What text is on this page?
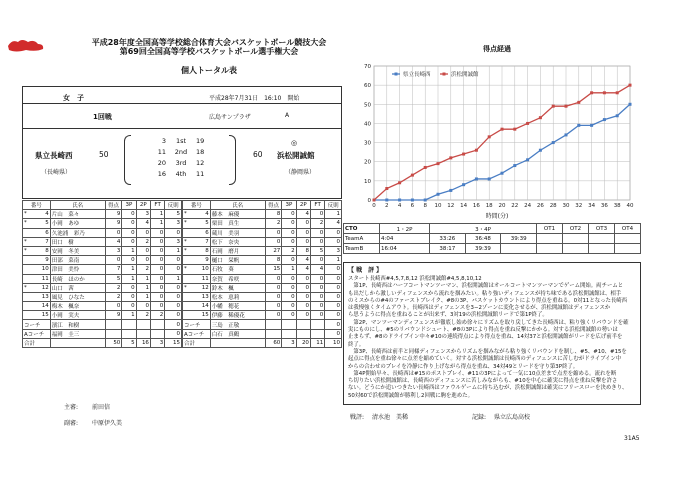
平成28年度全国高等学校総合体育大会バスケットボール競技大会
第69回全国高等学校バスケットボール選手権大会
個人トータル表
女　子	平成28年7月31日　16:10　開始
1回戦	広島サンプラザ	A
県立長崎西
（長崎県）
50
3	1st	19
11	2nd	18
20	3rd	12
16	4th	11
60
◎
浜松開誠館
（静岡県）
番号	氏名	得点	3P	2P	FT	反則
* 4	片山　菜々	9	0	3	1	5
* 5	小岡　あゆ	9	0	4	1	3

6	久池浦　彩乃	0	0	0	0	0
* 7	田口　樹	4	0	2	0	3
* 8	安岡　冬美	3	1	0	0	1

9	田部　菜南	0	0	0	0	0

10	津田　美怜	7	1	2	0	0

11	長崎　ほのか	5	1	1	0	1
* 12	山口　茜	2	0	1	0	0

13	風見　ひなた	2	0	1	0	0

14	梅木　楓奈	0	0	0	0	0

15	小岡　実夫	9	1	2	2	0
コーチ	濱江　和樹					0
Aコーチ	福岡　圭三					0
合計		50	5	16	3	15
番号	氏名	得点	3P	2P	FT	反則
* 4	藤本　麻優	8	0	4	0	1
* 5	栗田　真生	2	0	0	2	4

6	蔵川　美羽	0	0	0	0	0
* 7	松下　奈央	0	0	0	0	0
* 8	石岡　磨月	27	2	8	5	3

9	樋口　栞帆	8	0	4	0	1
* 10	石牧　葵	15	1	4	4	0

11	奈賀　希咲	0	0	0	0	0
* 12	鈴木　楓	0	0	0	0	0

13	松本　恵莉	0	0	0	0	0

14	小幡　穂花	0	0	0	0	0

15	伊藤　稀優花	0	0	0	0	0
コーチ	三島　正敬					0
Aコーチ	白石　真鶴					0
合計		60	3	20	11	10
主審: 前田信
副審: 中原伊久美
得点経過
0
10
20
30
40
50
60
70
0 2 4 6 8 10 12 14 16 18 20 22 24 26 28 30 32 34 36 38 40
県立長崎西	浜松開誠館
時間(分)
CTO	1・2P	3・4P			OT1	OT2	OT3	OT4
TeamA	4:04	33:26	36:48	39:39				
TeamB	16:04	38:17	39:39					
【 戦　評 】

スタート長崎西#4,5,7,8,12 浜松開誠館#4,5,8,10,12

　第1P、長崎西はハーフコートマンツーマン、浜松開誠館はオールコートマンツーマンでゲーム開始。両チームと

も出だしから激しいディフェンスから流れを掴みたい。粘り強いディフェンスが持ち味である浜松開誠館は、相手

のミスからの#4のファーストブレイク、#8の3P、バスケットカウントにより得点を重ねる。0対11となった長崎西

は我慢強くタイムアウト。長崎西はディフェンスを3−2ゾーンに変化させるが、浜松開誠館はディフェンスか

ら思うように得点を重ねることが出来ず、3対19の浜松開誠館リードで第1P終了。

　第2P、マンツーマンディフェンスが徹底し始め徐々にリズムを取り戻してきた長崎西は、粘り強くリバウンドを確

実にものにし、#5のリバウンドシュート、#8の3Pにより得点を重ね反撃にかかる。対する浜松開誠館の勢いは

止まらず、#8のドライブイン中々#10の連続得点により得点を重ね、14対37と浜松開誠館がリードを広げ前半を

終了。

　第3P、長崎西は前半と同様ディフェンスからリズムを掴みながら粘り強くリバウンドを制し、#5、#10、#15を

起点に得点を重ね徐々に点差を縮めていく。対する浜松開誠館は長崎西のディフェンスに苦しむがドライブイン中

からの合わせのプレイを冷静に作り上げながら得点を重ね、34対49とリードを守り第3P終了。

　第4P開始早々、長崎西は#15のポストプレイ、#11の3Pによって一気に10点差まで点差を縮める。流れを断

ち切りたい浜松開誠館は、長崎西のディフェンスに苦しみながらも、#10を中心に確実に得点を重ね反撃を許さ

ない。どうにか追いつきたい長崎西はファウルゲームに持ち込むが、浜松開誠館は確実にフリースローを決めきり、

50対60で浜松開誠館が勝利し2回戦に駒を進めた。

戦評: 清水池　美稀	記録: 県立広島高校
31A5
